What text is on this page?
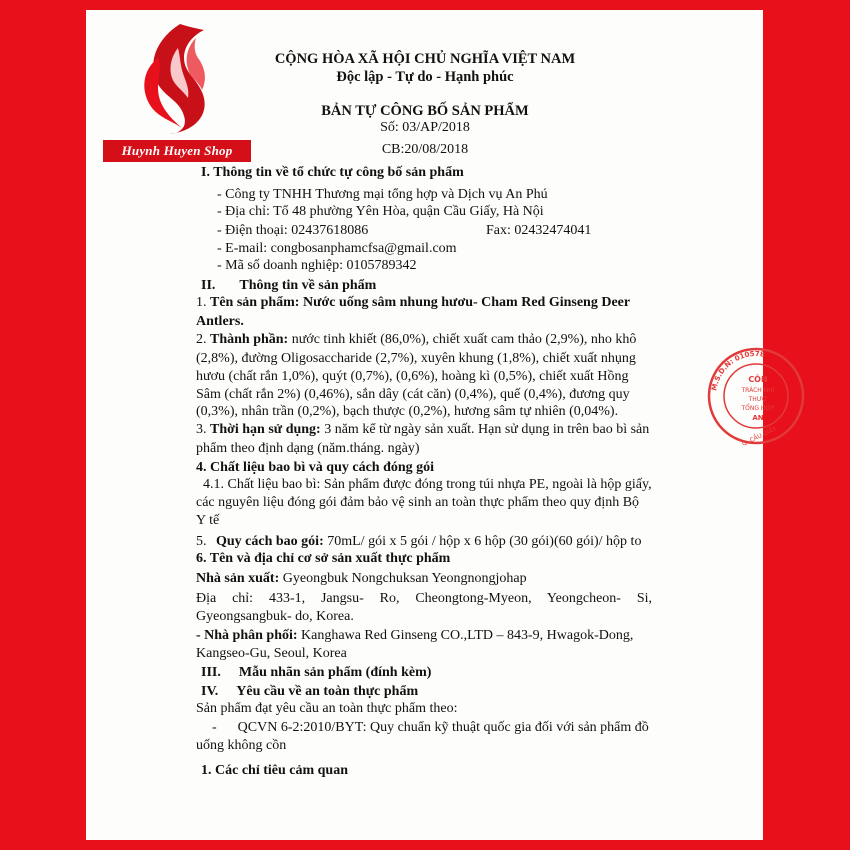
Huynh Huyen Shop
CỘNG HÒA XÃ HỘI CHỦ NGHĨA VIỆT NAM
Độc lập - Tự do - Hạnh phúc
BẢN TỰ CÔNG BỐ SẢN PHẨM
Số: 03/AP/2018
CB:20/08/2018
I. Thông tin về tổ chức tự công bố sản phẩm
- Công ty TNHH Thương mại tổng hợp và Dịch vụ An Phú
- Địa chỉ: Tổ 48 phường Yên Hòa, quận Cầu Giấy, Hà Nội
- Điện thoại: 02437618086	Fax: 02432474041
- E-mail: congbosanphamcfsa@gmail.com
- Mã số doanh nghiệp: 0105789342
II. Thông tin về sản phẩm
1. Tên sản phẩm: Nước uống sâm nhung hươu- Cham Red Ginseng Deer
Antlers.
2. Thành phần: nước tinh khiết (86,0%), chiết xuất cam thảo (2,9%), nho khô
(2,8%), đường Oligosaccharide (2,7%), xuyên khung (1,8%), chiết xuất nhụng
hươu (chất rắn 1,0%), quýt (0,7%), (0,6%), hoàng kì (0,5%), chiết xuất Hồng
Sâm (chất rắn 2%) (0,46%), sắn dây (cát căn) (0,4%), quế (0,4%), đương quy
(0,3%), nhân trần (0,2%), bạch thược (0,2%), hương sâm tự nhiên (0,04%).
3. Thời hạn sử dụng: 3 năm kể từ ngày sản xuất. Hạn sử dụng in trên bao bì sản
phẩm theo định dạng (năm.tháng. ngày)
4. Chất liệu bao bì và quy cách đóng gói
4.1. Chất liệu bao bì: Sản phẩm được đóng trong túi nhựa PE, ngoài là hộp giấy,
các nguyên liệu đóng gói đảm bảo vệ sinh an toàn thực phẩm theo quy định Bộ
Y tế
5. Quy cách bao gói: 70mL/ gói x 5 gói / hộp x 6 hộp (30 gói)(60 gói)/ hộp to
6. Tên và địa chỉ cơ sở sản xuất thực phẩm
Nhà sản xuất: Gyeongbuk Nongchuksan Yeongnongjohap
Địa chỉ: 433-1, Jangsu- Ro, Cheongtong-Myeon, Yeongcheon- Si,
Gyeongsangbuk- do, Korea.
- Nhà phân phối: Kanghawa Red Ginseng CO.,LTD – 843-9, Hwagok-Dong,
Kangseo-Gu, Seoul, Korea
III. Mẫu nhãn sản phẩm (đính kèm)
IV. Yêu cầu về an toàn thực phẩm
Sản phẩm đạt yêu cầu an toàn thực phẩm theo:
-      QCVN 6-2:2010/BYT: Quy chuẩn kỹ thuật quốc gia đối với sản phẩm đồ
uống không cồn
1. Các chỉ tiêu cảm quan
M.S.D.N: 010578
CÔN
TRÁCH NHI
THƯƠ
TỔNG HỢP
AN
Q. CẦU GIẤY
